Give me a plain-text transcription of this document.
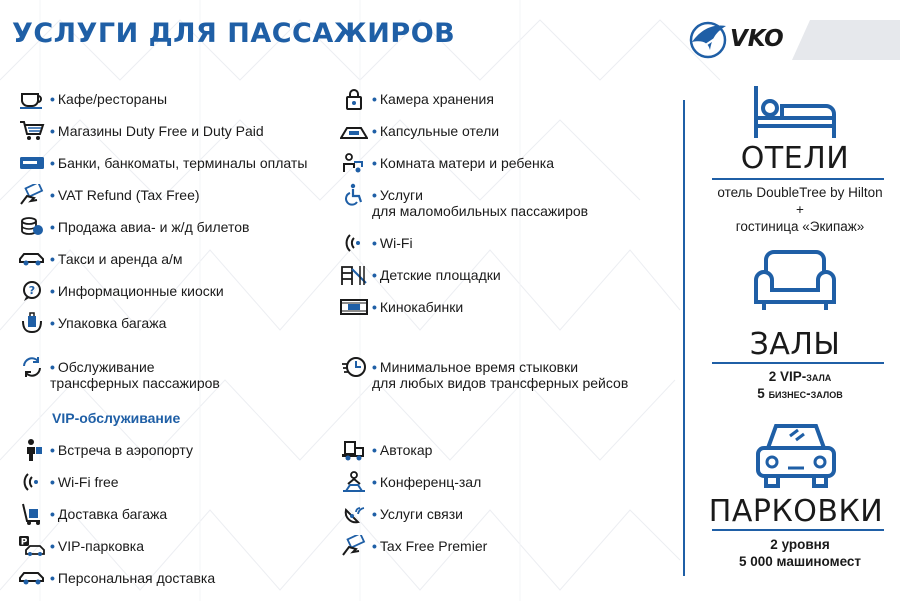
УСЛУГИ ДЛЯ ПАССАЖИРОВ	VKO
• Кафе/рестораны
• Магазины Duty Free и Duty Paid
• Банки, банкоматы, терминалы оплаты
• VAT Refund (Tax Free)
• Продажа авиа- и ж/д билетов
• Такси и аренда а/м
? • Информационные киоски
• Упаковка багажа
• Обслуживание
трансферных пассажиров
• Камера хранения
• Капсульные отели
• Комната матери и ребенка
• Услуги
для маломобильных пассажиров
• Wi-Fi
• Детские площадки
• Кинокабинки
• Минимальное время стыковки
для любых видов трансферных рейсов
VIP-обслуживание
• Встреча в аэропорту
• Wi-Fi free
• Доставка багажа
P • VIP-парковка
• Персональная доставка
• Автокар
• Конференц-зал
• Услуги связи
• Tax Free Premier
ОТЕЛИ
отель DoubleTree by Hilton
+
гостиница «Экипаж»
ЗАЛЫ
2 VIP-зала
5 бизнес-залов
ПАРКОВКИ
2 уровня
5 000 машиномест
